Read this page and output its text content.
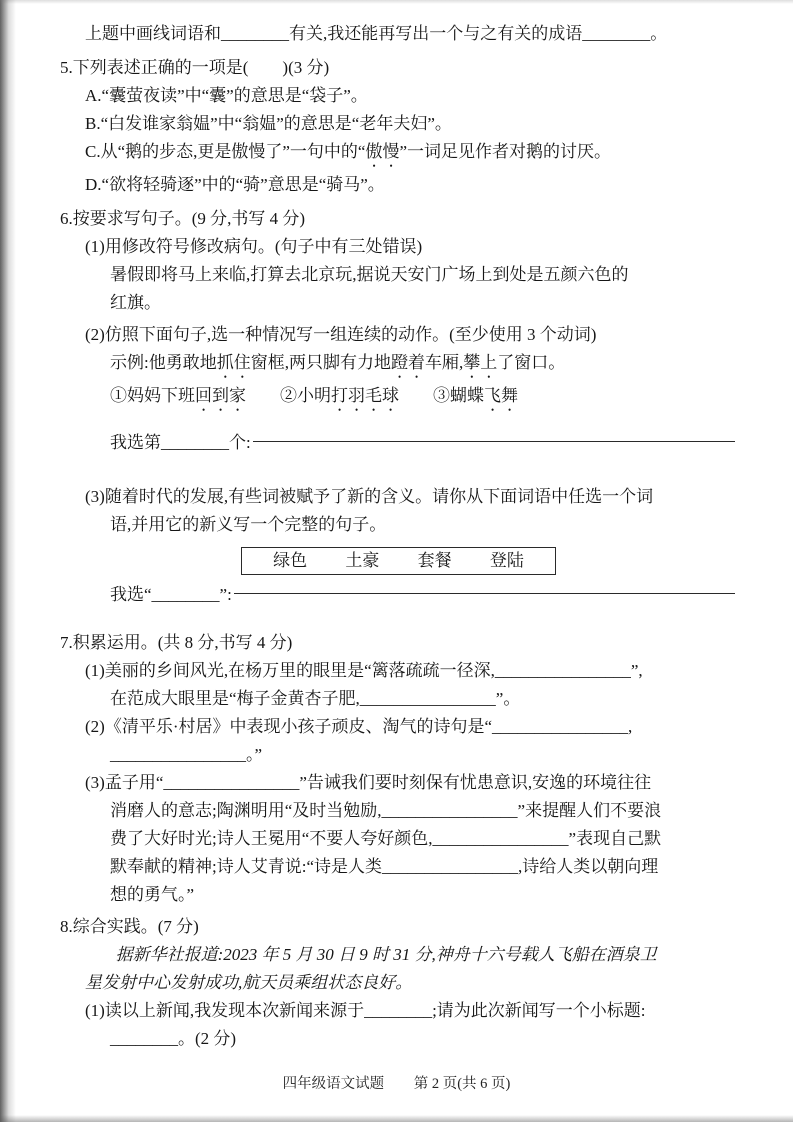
上题中画线词语和________有关,我还能再写出一个与之有关的成语________。
5.下列表述正确的一项是(　　)(3 分)
A.“囊萤夜读”中“囊”的意思是“袋子”。
B.“白发谁家翁媪”中“翁媪”的意思是“老年夫妇”。
C.从“鹅的步态,更是傲慢了”一句中的“傲慢”一词足见作者对鹅的讨厌。
D.“欲将轻骑逐”中的“骑”意思是“骑马”。
6.按要求写句子。(9 分,书写 4 分)
(1)用修改符号修改病句。(句子中有三处错误)
暑假即将马上来临,打算去北京玩,据说天安门广场上到处是五颜六色的
红旗。
(2)仿照下面句子,选一种情况写一组连续的动作。(至少使用 3 个动词)
示例:他勇敢地抓住窗框,两只脚有力地蹬着车厢,攀上了窗口。
①妈妈下班回到家　　②小明打羽毛球　　③蝴蝶飞舞
我选第________个:
(3)随着时代的发展,有些词被赋予了新的含义。请你从下面词语中任选一个词
语,并用它的新义写一个完整的句子。
绿色 土豪 套餐 登陆
我选“________”:
7.积累运用。(共 8 分,书写 4 分)
(1)美丽的乡间风光,在杨万里的眼里是“篱落疏疏一径深,________________”,
在范成大眼里是“梅子金黄杏子肥,________________”。
(2)《清平乐·村居》中表现小孩子顽皮、淘气的诗句是“________________,
________________。”
(3)孟子用“________________”告诫我们要时刻保有忧患意识,安逸的环境往往
消磨人的意志;陶渊明用“及时当勉励,________________”来提醒人们不要浪
费了大好时光;诗人王冕用“不要人夸好颜色,________________”表现自己默
默奉献的精神;诗人艾青说:“诗是人类________________,诗给人类以朝向理
想的勇气。”
8.综合实践。(7 分)
据新华社报道:2023 年 5 月 30 日 9 时 31 分,神舟十六号载人飞船在酒泉卫
星发射中心发射成功,航天员乘组状态良好。
(1)读以上新闻,我发现本次新闻来源于________;请为此次新闻写一个小标题:
________。(2 分)
四年级语文试题 第 2 页(共 6 页)
